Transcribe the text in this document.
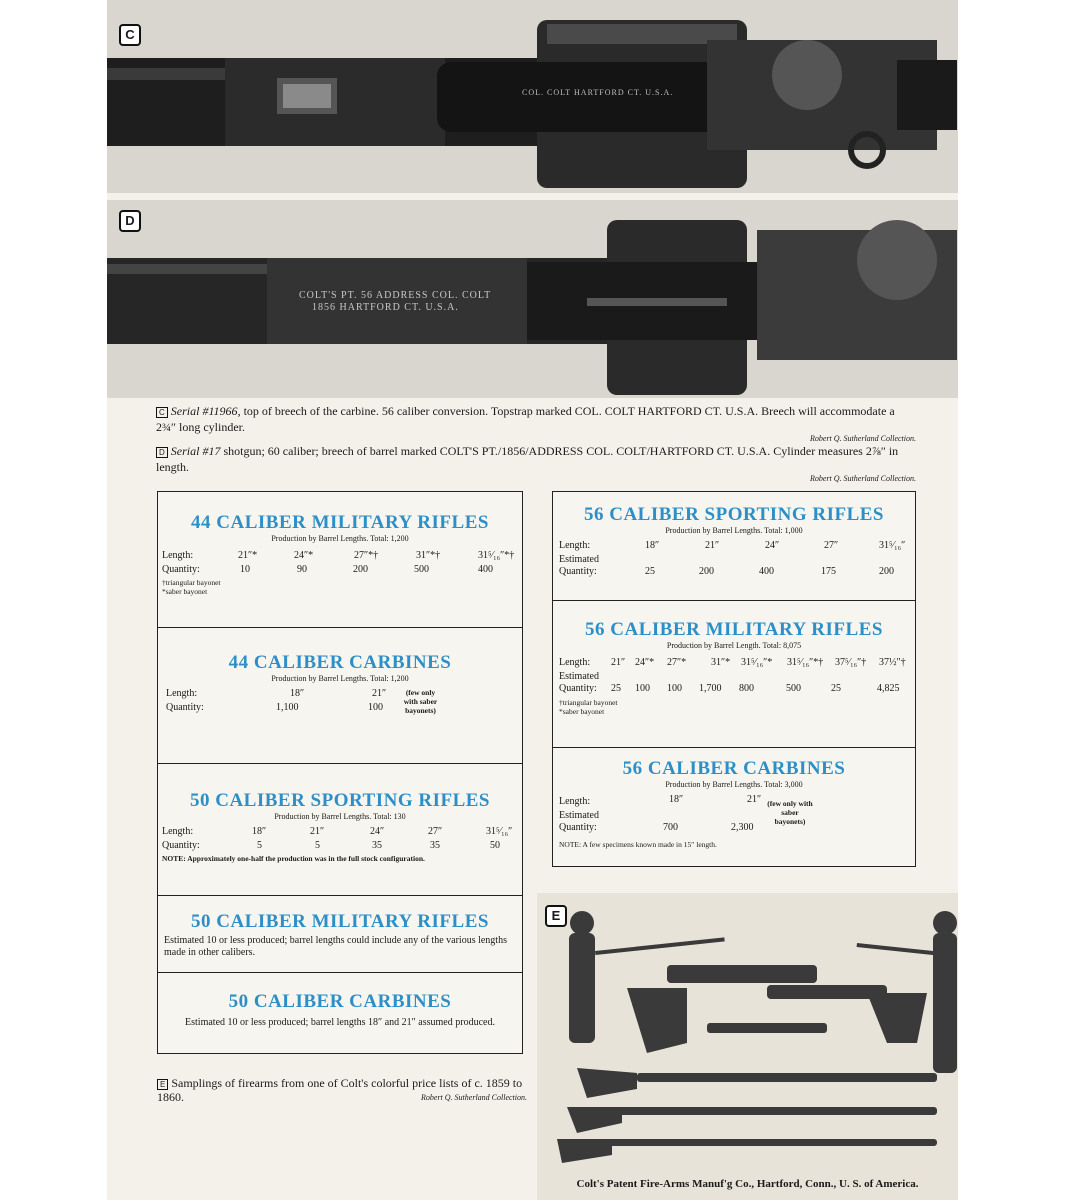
COL. COLT HARTFORD CT. U.S.A.
C
COLT'S PT. 56 ADDRESS COL. COLT
1856 HARTFORD CT. U.S.A.
D
C Serial #11966, top of breech of the carbine. 56 caliber conversion. Topstrap marked COL. COLT HARTFORD CT. U.S.A. Breech will accommodate a 2¾″ long cylinder.
Robert Q. Sutherland Collection.
D Serial #17 shotgun; 60 caliber; breech of barrel marked COLT'S PT./1856/ADDRESS COL. COLT/HARTFORD CT. U.S.A. Cylinder measures 2⅞″ in length.
Robert Q. Sutherland Collection.
44 CALIBER MILITARY RIFLES
Production by Barrel Lengths. Total: 1,200
Length:	21″*	24″*	27″*†	31″*†	31⁵⁄₁₆″*†
Quantity:	10	90	200	500	400
†triangular bayonet
*saber bayonet
44 CALIBER CARBINES
Production by Barrel Lengths. Total: 1,200
Length:	18″	21″
Quantity:	1,100	100
(few only with saber bayonets)
50 CALIBER SPORTING RIFLES
Production by Barrel Lengths. Total: 130
Length:	18″	21″	24″	27″	31⁵⁄₁₆″
Quantity:	5	5	35	35	50
NOTE: Approximately one-half the production was in the full stock configuration.
50 CALIBER MILITARY RIFLES
Estimated 10 or less produced; barrel lengths could include any of the various lengths made in other calibers.
50 CALIBER CARBINES
Estimated 10 or less produced; barrel lengths 18″ and 21″ assumed produced.
56 CALIBER SPORTING RIFLES
Production by Barrel Lengths. Total: 1,000
Length:	18″	21″	24″	27″	31⁵⁄₁₆″
Estimated
Quantity:	25	200	400	175	200
56 CALIBER MILITARY RIFLES
Production by Barrel Length. Total: 8,075
Length: 21″ 24″* 27″* 31″* 31⁵⁄₁₆″* 31⁵⁄₁₆″*† 37⁵⁄₁₆″† 37½″†
Estimated
Quantity: 25 100 100 1,700 800	500	25	4,825
†triangular bayonet
*saber bayonet
56 CALIBER CARBINES
Production by Barrel Lengths. Total: 3,000
Length:	18″	21″ (few only with saber bayonets)
Estimated
Quantity:	700	2,300
NOTE: A few specimens known made in 15″ length.
E Samplings of firearms from one of Colt's colorful price lists of c. 1859 to 1860.	Robert Q. Sutherland Collection.
E
Colt's Patent Fire-Arms Manuf'g Co., Hartford, Conn., U. S. of America.
